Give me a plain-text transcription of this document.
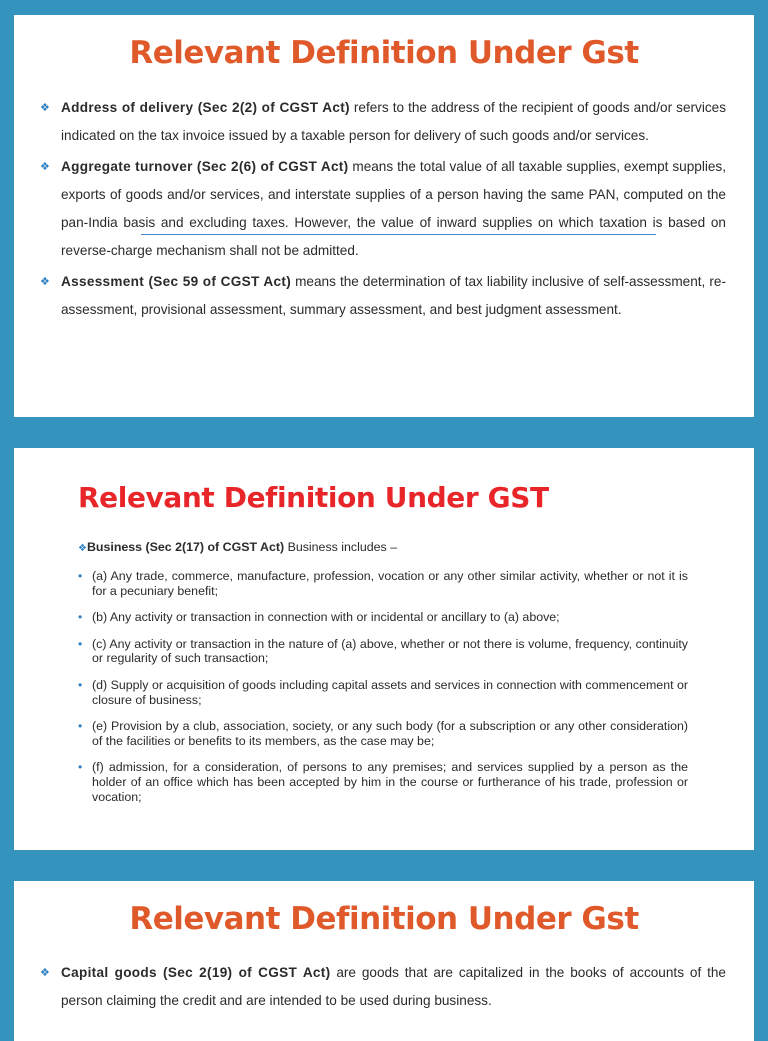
Relevant Definition Under Gst
❖ Address of delivery (Sec 2(2) of CGST Act) refers to the address of the recipient of goods and/or services indicated on the tax invoice issued by a taxable person for delivery of such goods and/or services.
❖ Aggregate turnover (Sec 2(6) of CGST Act) means the total value of all taxable supplies, exempt supplies, exports of goods and/or services, and interstate supplies of a person having the same PAN, computed on the pan-India basis and excluding taxes. However, the value of inward supplies on which taxation is based on reverse-charge mechanism shall not be admitted.
❖ Assessment (Sec 59 of CGST Act) means the determination of tax liability inclusive of self-assessment, re-assessment, provisional assessment, summary assessment, and best judgment assessment.
Relevant Definition Under GST
❖Business (Sec 2(17) of CGST Act) Business includes –
• (a) Any trade, commerce, manufacture, profession, vocation or any other similar activity, whether or not it is for a pecuniary benefit;
• (b) Any activity or transaction in connection with or incidental or ancillary to (a) above;
• (c) Any activity or transaction in the nature of (a) above, whether or not there is volume, frequency, continuity or regularity of such transaction;
• (d) Supply or acquisition of goods including capital assets and services in connection with commencement or closure of business;
• (e) Provision by a club, association, society, or any such body (for a subscription or any other consideration) of the facilities or benefits to its members, as the case may be;
• (f) admission, for a consideration, of persons to any premises; and services supplied by a person as the holder of an office which has been accepted by him in the course or furtherance of his trade, profession or vocation;
Relevant Definition Under Gst
❖ Capital goods (Sec 2(19) of CGST Act) are goods that are capitalized in the books of accounts of the person claiming the credit and are intended to be used during business.
